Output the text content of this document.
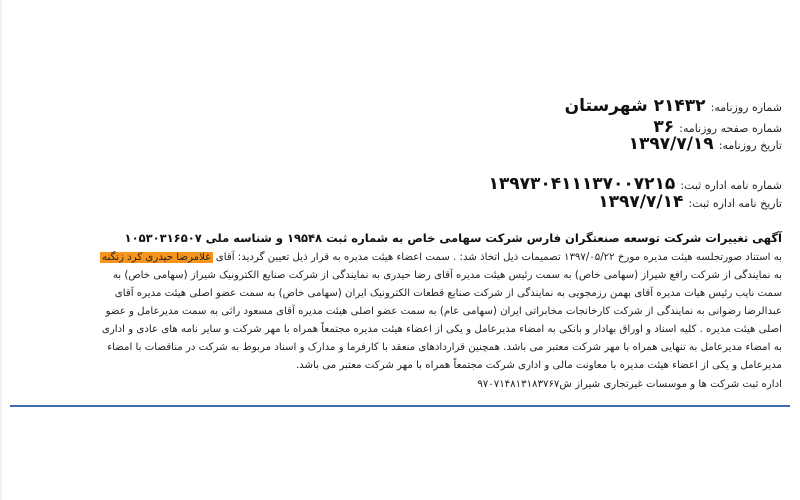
شماره روزنامه: ۲۱۴۳۲ شهرستان
شماره صفحه روزنامه: ۳۶
تاریخ روزنامه: ۱۳۹۷/۷/۱۹
شماره نامه اداره ثبت: ۱۳۹۷۳۰۴۱۱۱۳۷۰۰۷۲۱۵
تاریخ نامه اداره ثبت: ۱۳۹۷/۷/۱۴
آگهی تغییرات شرکت توسعه صنعتگران فارس شرکت سهامی خاص به شماره ثبت ۱۹۵۴۸ و شناسه ملی ۱۰۵۳۰۳۱۶۵۰۷
به استناد صورتجلسه هیئت مدیره مورخ ۱۳۹۷/۰۵/۲۲ تصمیمات ذیل اتخاذ شد: . سمت اعضاء هیئت مدیره به قرار ذیل تعیین گردید: آقای غلامرضا حیدری کرد زنگنه
به نمایندگی از شرکت رافع شیراز (سهامی خاص) به سمت رئیس هیئت مدیره آقای رضا حیدری به نمایندگی از شرکت صنایع الکترونیک شیراز (سهامی خاص) به
سمت نایب رئیس هیات مدیره آقای بهمن رزمجویی به نمایندگی از شرکت صنایع قطعات الکترونیک ایران (سهامی خاص) به سمت عضو اصلی هیئت مدیره آقای
عبدالرضا رضوانی به نمایندگی از شرکت کارخانجات مخابراتی ایران (سهامی عام) به سمت عضو اصلی هیئت مدیره آقای مسعود راثی به سمت مدیرعامل و عضو
اصلی هیئت مدیره . کلیه اسناد و اوراق بهادار و بانکی به امضاء مدیرعامل و یکی از اعضاء هیئت مدیره مجتمعاً همراه با مهر شرکت و سایر نامه های عادی و اداری
به امضاء مدیرعامل به تنهایی همراه با مهر شرکت معتبر می باشد. همچنین قراردادهای منعقد با کارفرما و مدارک و اسناد مربوط به شرکت در مناقصات با امضاء
مدیرعامل و یکی از اعضاء هیئت مدیره با معاونت مالی و اداری شرکت مجتمعاً همراه با مهر شرکت معتبر می باشد.
اداره ثبت شرکت ها و موسسات غیرتجاری شیراز ش۹۷۰۷۱۴۸۱۳۱۸۳۷۶۷
